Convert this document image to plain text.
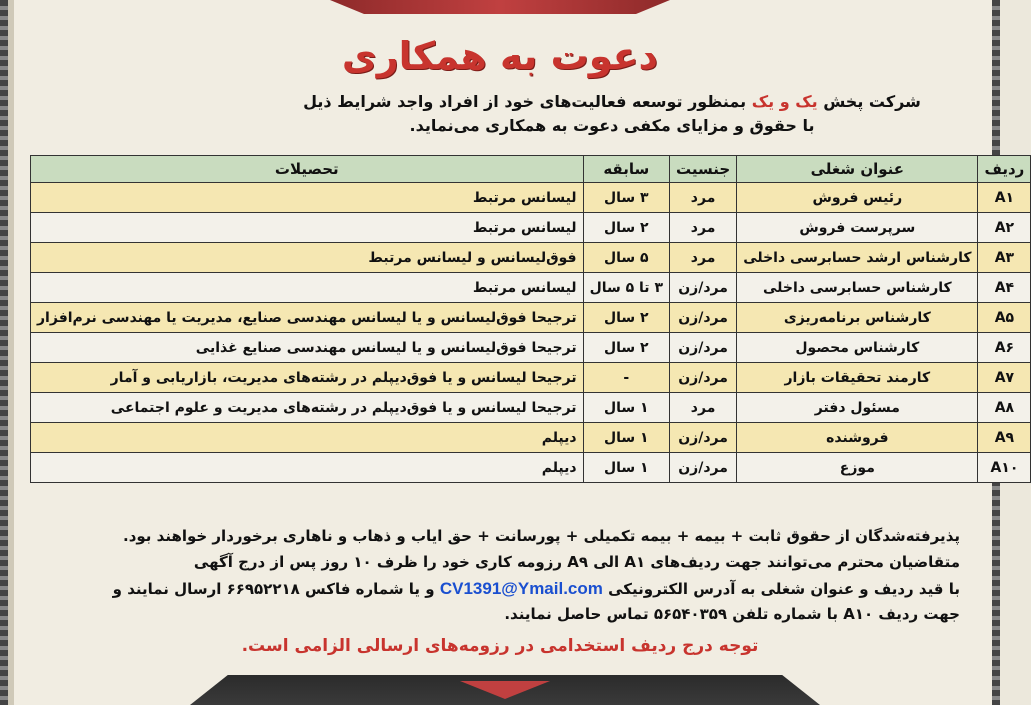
دعوت به همکاری
شرکت پخش یک و یک بمنظور توسعه فعالیت‌های خود از افراد واجد شرایط ذیل
با حقوق و مزایای مکفی دعوت به همکاری می‌نماید.
ردیف	عنوان شغلی	جنسیت	سابقه	تحصیلات
A۱	رئیس فروش	مرد	۳ سال	لیسانس مرتبط
A۲	سرپرست فروش	مرد	۲ سال	لیسانس مرتبط
A۳	کارشناس ارشد حسابرسی داخلی	مرد	۵ سال	فوق‌لیسانس و لیسانس مرتبط
A۴	کارشناس حسابرسی داخلی	مرد/زن	۳ تا ۵ سال	لیسانس مرتبط
A۵	کارشناس برنامه‌ریزی	مرد/زن	۲ سال	ترجیحا فوق‌لیسانس و یا لیسانس مهندسی صنایع، مدیریت یا مهندسی نرم‌افزار
A۶	کارشناس محصول	مرد/زن	۲ سال	ترجیحا فوق‌لیسانس و یا لیسانس مهندسی صنایع غذایی
A۷	کارمند تحقیقات بازار	مرد/زن	-	ترجیحا لیسانس و یا فوق‌دیپلم در رشته‌های مدیریت، بازاریابی و آمار
A۸	مسئول دفتر	مرد	۱ سال	ترجیحا لیسانس و یا فوق‌دیپلم در رشته‌های مدیریت و علوم اجتماعی
A۹	فروشنده	مرد/زن	۱ سال	دیپلم
A۱۰	موزع	مرد/زن	۱ سال	دیپلم
پذیرفته‌شدگان از حقوق ثابت + بیمه + بیمه تکمیلی + پورسانت + حق ایاب و ذهاب و ناهاری برخوردار خواهند بود.
متقاضیان محترم می‌توانند جهت ردیف‌های A۱ الی A۹ رزومه کاری خود را ظرف ۱۰ روز پس از درج آگهی
با قید ردیف و عنوان شغلی به آدرس الکترونیکی CV1391@Ymail.com و یا شماره فاکس ۶۶۹۵۲۲۱۸ ارسال نمایند و
جهت ردیف A۱۰ با شماره تلفن ۵۶۵۴۰۳۵۹ تماس حاصل نمایند.
توجه درج ردیف استخدامی در رزومه‌های ارسالی الزامی است.
